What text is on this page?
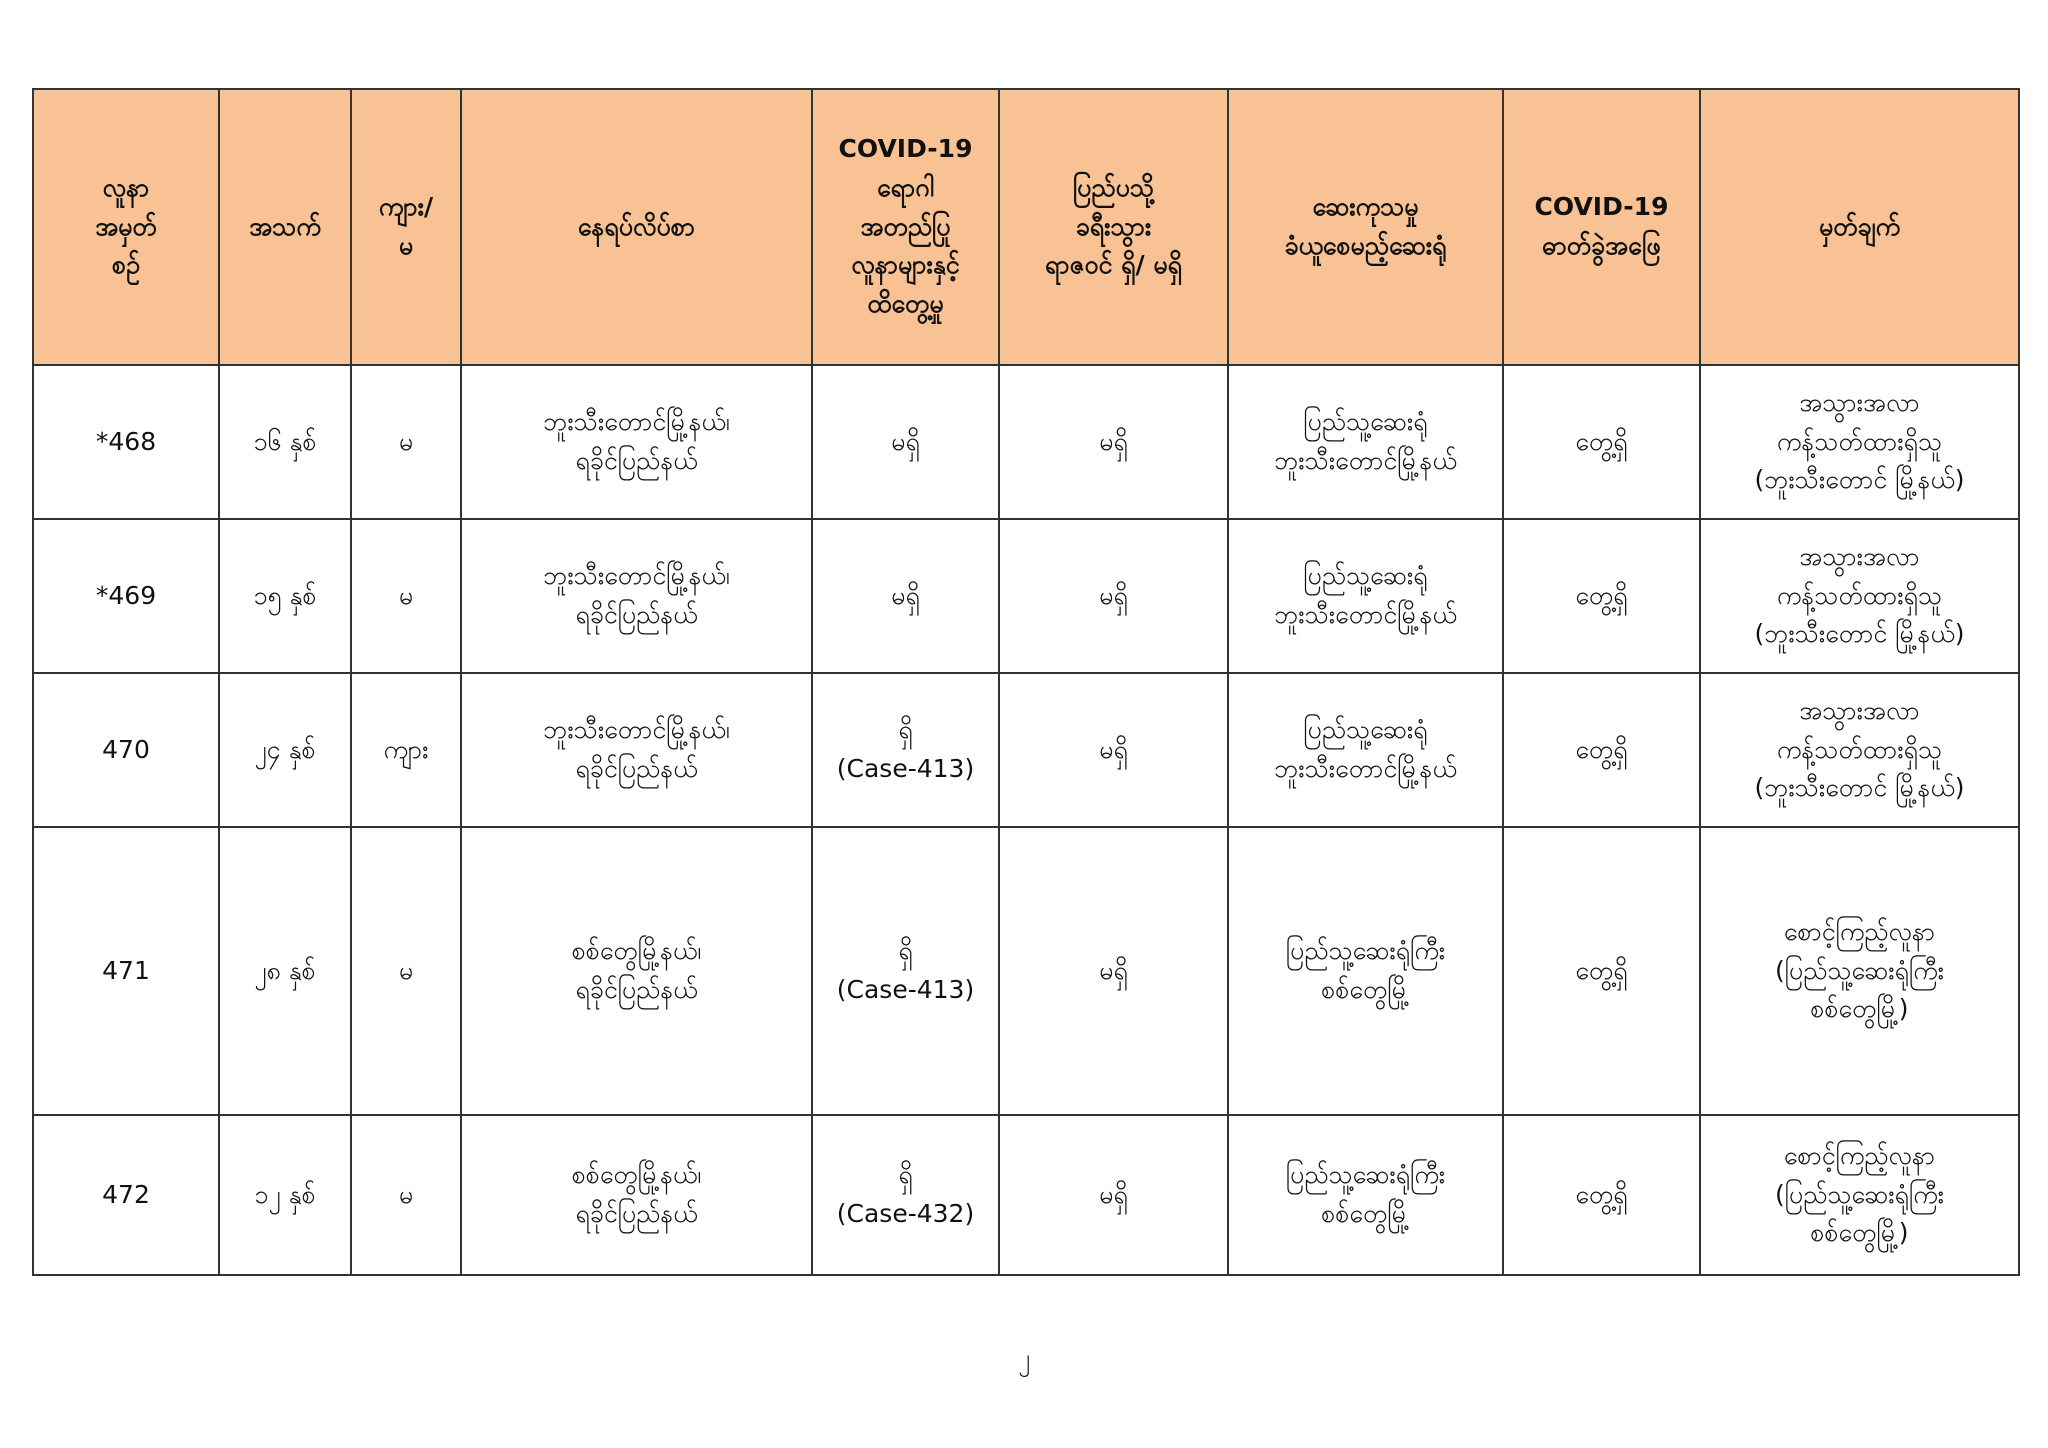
လူနာ
အမှတ်
စဉ်	အသက်	ကျား/
မ	နေရပ်လိပ်စာ	COVID-19
ရောဂါ
အတည်ပြု
လူနာများနှင့်
ထိတွေ့မှု	ပြည်ပသို့
ခရီးသွား
ရာဇဝင် ရှိ/ မရှိ	ဆေးကုသမှု
ခံယူစေမည့်ဆေးရုံ	COVID-19
ဓာတ်ခွဲအဖြေ	မှတ်ချက်

*468	၁၆ နှစ်	မ	ဘူးသီးတောင်မြို့နယ်၊
ရခိုင်ပြည်နယ်	မရှိ	မရှိ	ပြည်သူ့ဆေးရုံ
ဘူးသီးတောင်မြို့နယ်	တွေ့ရှိ	အသွားအလာ
ကန့်သတ်ထားရှိသူ
(ဘူးသီးတောင် မြို့နယ်)

*469	၁၅ နှစ်	မ	ဘူးသီးတောင်မြို့နယ်၊
ရခိုင်ပြည်နယ်	မရှိ	မရှိ	ပြည်သူ့ဆေးရုံ
ဘူးသီးတောင်မြို့နယ်	တွေ့ရှိ	အသွားအလာ
ကန့်သတ်ထားရှိသူ
(ဘူးသီးတောင် မြို့နယ်)

470	၂၄ နှစ်	ကျား	ဘူးသီးတောင်မြို့နယ်၊
ရခိုင်ပြည်နယ်	ရှိ
(Case-413)	မရှိ	ပြည်သူ့ဆေးရုံ
ဘူးသီးတောင်မြို့နယ်	တွေ့ရှိ	အသွားအလာ
ကန့်သတ်ထားရှိသူ
(ဘူးသီးတောင် မြို့နယ်)

471	၂၈ နှစ်	မ	စစ်တွေမြို့နယ်၊
ရခိုင်ပြည်နယ်	ရှိ
(Case-413)	မရှိ	ပြည်သူ့ဆေးရုံကြီး
စစ်တွေမြို့	တွေ့ရှိ	စောင့်ကြည့်လူနာ
(ပြည်သူ့ဆေးရုံကြီး
စစ်တွေမြို့)

472	၁၂ နှစ်	မ	စစ်တွေမြို့နယ်၊
ရခိုင်ပြည်နယ်	ရှိ
(Case-432)	မရှိ	ပြည်သူ့ဆေးရုံကြီး
စစ်တွေမြို့	တွေ့ရှိ	စောင့်ကြည့်လူနာ
(ပြည်သူ့ဆေးရုံကြီး
စစ်တွေမြို့)
၂
